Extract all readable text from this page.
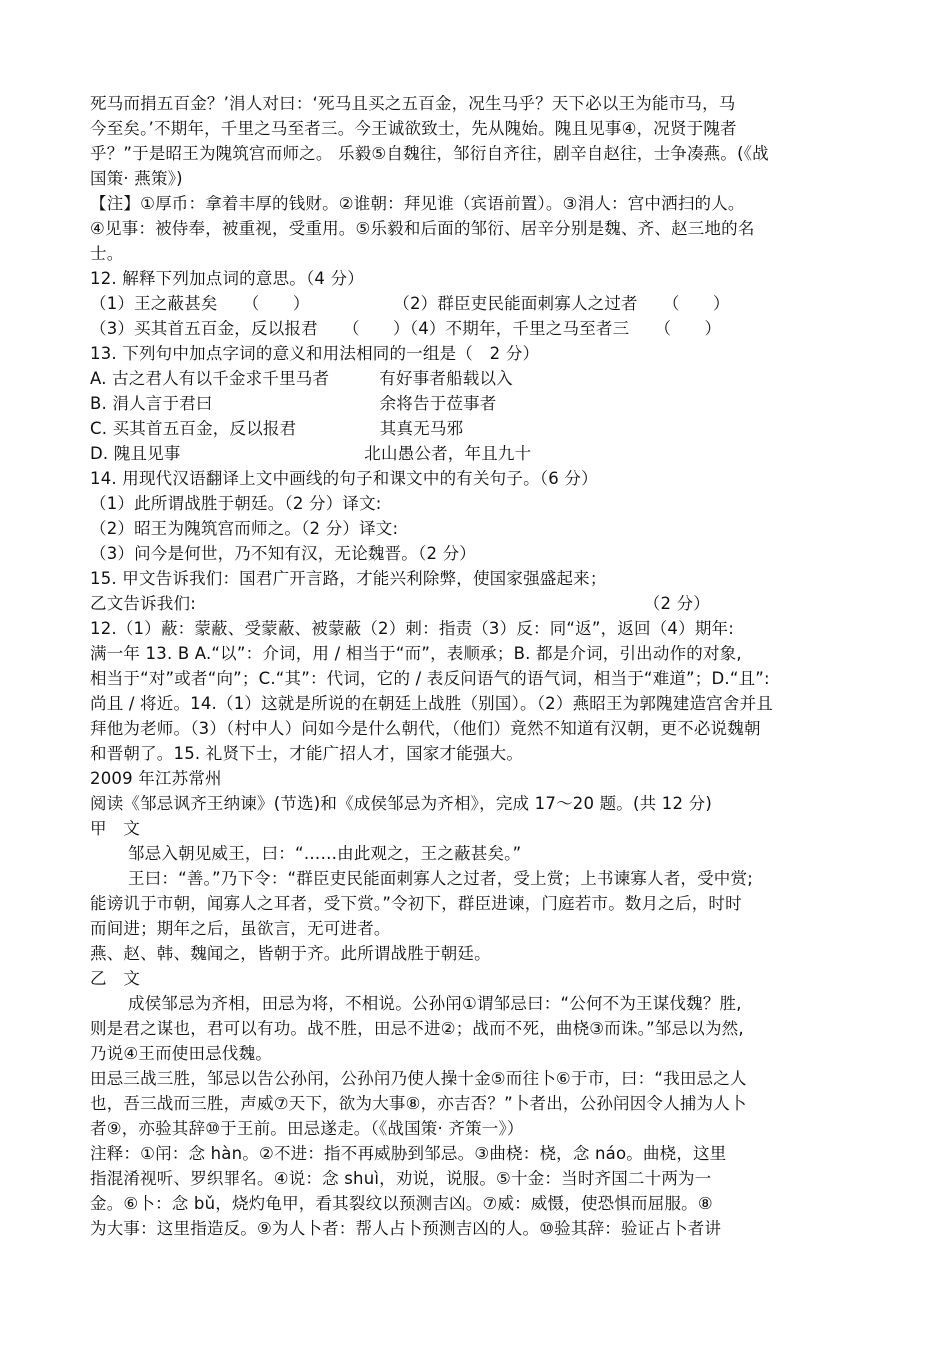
死马而捐五百金？’涓人对曰：‘死马且买之五百金，况生马乎？天下必以王为能市马，马
今至矣。’不期年，千里之马至者三。今王诚欲致士，先从隗始。隗且见事④，况贤于隗者
乎？”于是昭王为隗筑宫而师之。 乐毅⑤自魏往，邹衍自齐往，剧辛自赵往，士争凑燕。(《战
国策· 燕策》)
【注】①厚币：拿着丰厚的钱财。②谁朝：拜见谁（宾语前置）。③涓人：宫中洒扫的人。
④见事：被侍奉，被重视，受重用。⑤乐毅和后面的邹衍、居辛分别是魏、齐、赵三地的名
士。
12. 解释下列加点词的意思。（4 分）
（1）王之蔽甚矣　　（　　）　　　　　　（2）群臣吏民能面刺寡人之过者　　（　　）
（3）买其首五百金，反以报君　　（　　）（4）不期年，千里之马至者三　　（　　）
13. 下列句中加点字词的意义和用法相同的一组是（　2 分）
A. 古之君人有以千金求千里马者　　　有好事者船载以入
B. 涓人言于君曰　　　　　　　　　　余将告于莅事者
C. 买其首五百金，反以报君　　　　　其真无马邪
D. 隗且见事　　　　　　　　　　　北山愚公者，年且九十
14. 用现代汉语翻译上文中画线的句子和课文中的有关句子。（6 分）
（1）此所谓战胜于朝廷。（2 分）译文:
（2）昭王为隗筑宫而师之。（2 分）译文:
（3）问今是何世，乃不知有汉，无论魏晋。（2 分）
15. 甲文告诉我们：国君广开言路，才能兴利除弊，使国家强盛起来；
乙文告诉我们:	（2 分）
12.（1）蔽：蒙蔽、受蒙蔽、被蒙蔽（2）刺：指责（3）反：同“返”，返回（4）期年:
满一年 13. B A.“以”：介词，用 / 相当于“而”，表顺承；B. 都是介词，引出动作的对象,
相当于“对”或者“向”；C.“其”：代词，它的 / 表反问语气的语气词，相当于“难道”；D.“且”:
尚且 / 将近。14.（1）这就是所说的在朝廷上战胜（别国）。（2）燕昭王为郭隗建造宫舍并且
拜他为老师。（3）（村中人）问如今是什么朝代，（他们）竟然不知道有汉朝，更不必说魏朝
和晋朝了。15. 礼贤下士，才能广招人才，国家才能强大。
2009 年江苏常州
阅读《邹忌讽齐王纳谏》(节选)和《成侯邹忌为齐相》，完成 17～20 题。(共 12 分)
甲　文
邹忌入朝见威王，曰：“……由此观之，王之蔽甚矣。”
王曰：“善。”乃下令：“群臣吏民能面刺寡人之过者，受上赏；上书谏寡人者，受中赏;
能谤讥于市朝，闻寡人之耳者，受下赏。”令初下，群臣进谏，门庭若市。数月之后，时时
而间进；期年之后，虽欲言，无可进者。
燕、赵、韩、魏闻之，皆朝于齐。此所谓战胜于朝廷。
乙　文
成侯邹忌为齐相，田忌为将，不相说。公孙闬①谓邹忌曰：“公何不为王谋伐魏？胜,
则是君之谋也，君可以有功。战不胜，田忌不进②；战而不死，曲桡③而诛。”邹忌以为然,
乃说④王而使田忌伐魏。
田忌三战三胜，邹忌以告公孙闬，公孙闬乃使人操十金⑤而往卜⑥于市，曰：“我田忌之人
也，吾三战而三胜，声威⑦天下，欲为大事⑧，亦吉否？”卜者出，公孙闬因令人捕为人卜
者⑨，亦验其辞⑩于王前。田忌遂走。（《战国策· 齐策一》）
注释：①闬：念 hàn。②不进：指不再威胁到邹忌。③曲桡：桡，念 náo。曲桡，这里
指混淆视听、罗织罪名。④说：念 shuì，劝说，说服。⑤十金：当时齐国二十两为一
金。⑥卜：念 bǔ，烧灼龟甲，看其裂纹以预测吉凶。⑦威：威慑，使恐惧而屈服。⑧
为大事：这里指造反。⑨为人卜者：帮人占卜预测吉凶的人。⑩验其辞：验证占卜者讲
